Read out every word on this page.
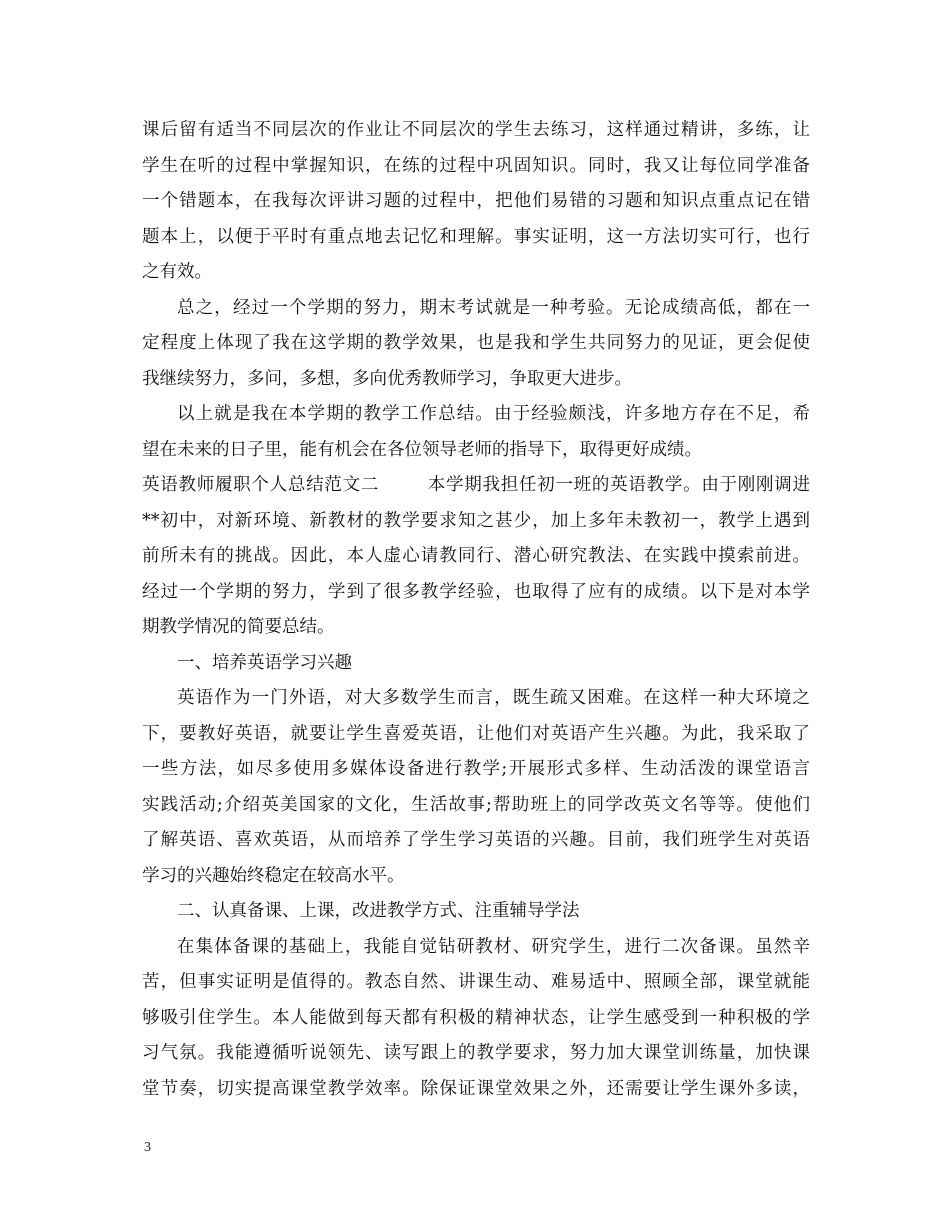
课后留有适当不同层次的作业让不同层次的学生去练习，这样通过精讲，多练，让
学生在听的过程中掌握知识，在练的过程中巩固知识。同时，我又让每位同学准备
一个错题本，在我每次评讲习题的过程中，把他们易错的习题和知识点重点记在错
题本上，以便于平时有重点地去记忆和理解。事实证明，这一方法切实可行，也行
之有效。
总之，经过一个学期的努力，期末考试就是一种考验。无论成绩高低，都在一
定程度上体现了我在这学期的教学效果，也是我和学生共同努力的见证，更会促使
我继续努力，多问，多想，多向优秀教师学习，争取更大进步。
以上就是我在本学期的教学工作总结。由于经验颇浅，许多地方存在不足，希
望在未来的日子里，能有机会在各位领导老师的指导下，取得更好成绩。
英语教师履职个人总结范文二	本学期我担任初一班的英语教学。由于刚刚调进
**初中，对新环境、新教材的教学要求知之甚少，加上多年未教初一，教学上遇到
前所未有的挑战。因此，本人虚心请教同行、潜心研究教法、在实践中摸索前进。
经过一个学期的努力，学到了很多教学经验，也取得了应有的成绩。以下是对本学
期教学情况的简要总结。
一、培养英语学习兴趣
英语作为一门外语，对大多数学生而言，既生疏又困难。在这样一种大环境之
下，要教好英语，就要让学生喜爱英语，让他们对英语产生兴趣。为此，我采取了
一些方法，如尽多使用多媒体设备进行教学;开展形式多样、生动活泼的课堂语言
实践活动;介绍英美国家的文化，生活故事;帮助班上的同学改英文名等等。使他们
了解英语、喜欢英语，从而培养了学生学习英语的兴趣。目前，我们班学生对英语
学习的兴趣始终稳定在较高水平。
二、认真备课、上课，改进教学方式、注重辅导学法
在集体备课的基础上，我能自觉钻研教材、研究学生，进行二次备课。虽然辛
苦，但事实证明是值得的。教态自然、讲课生动、难易适中、照顾全部，课堂就能
够吸引住学生。本人能做到每天都有积极的精神状态，让学生感受到一种积极的学
习气氛。我能遵循听说领先、读写跟上的教学要求，努力加大课堂训练量，加快课
堂节奏，切实提高课堂教学效率。除保证课堂效果之外，还需要让学生课外多读，
3
